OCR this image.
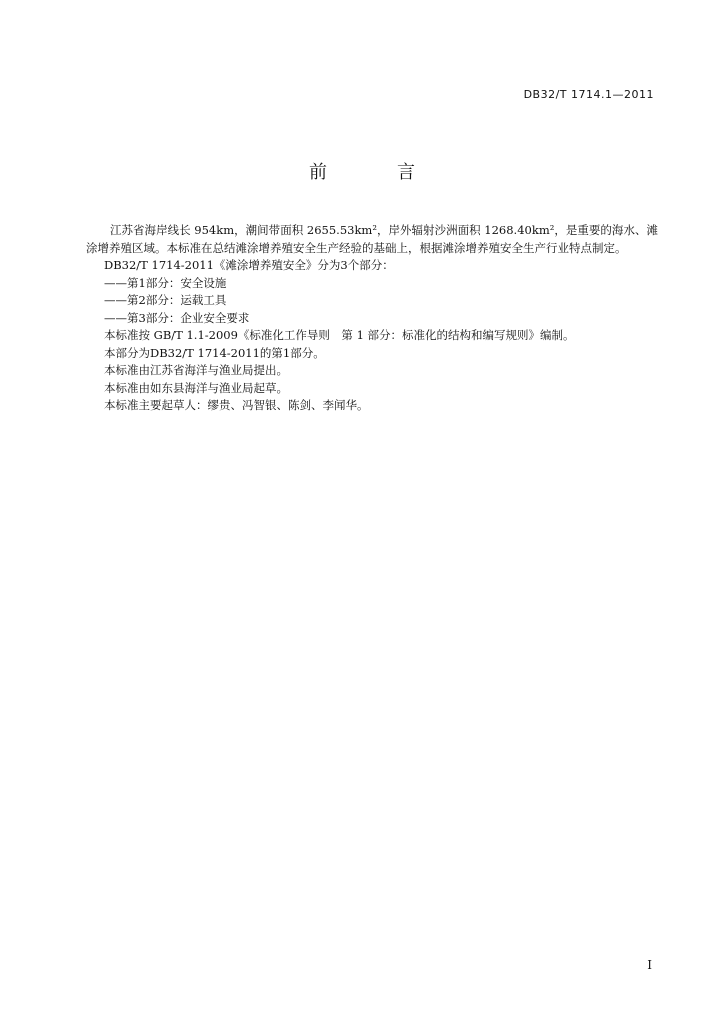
DB32/T 1714.1—2011
前　言

江苏省海岸线长 954km，潮间带面积 2655.53km²，岸外辐射沙洲面积 1268.40km²，是重要的海水、滩涂增养殖区域。本标准在总结滩涂增养殖安全生产经验的基础上，根据滩涂增养殖安全生产行业特点制定。

DB32/T 1714-2011《滩涂增养殖安全》分为3个部分：

——第1部分：安全设施

——第2部分：运载工具

——第3部分：企业安全要求

本标准按 GB/T 1.1-2009《标准化工作导则　第 1 部分：标准化的结构和编写规则》编制。

本部分为DB32/T 1714-2011的第1部分。

本标准由江苏省海洋与渔业局提出。

本标准由如东县海洋与渔业局起草。

本标准主要起草人：缪贵、冯智银、陈剑、李闻华。

I
